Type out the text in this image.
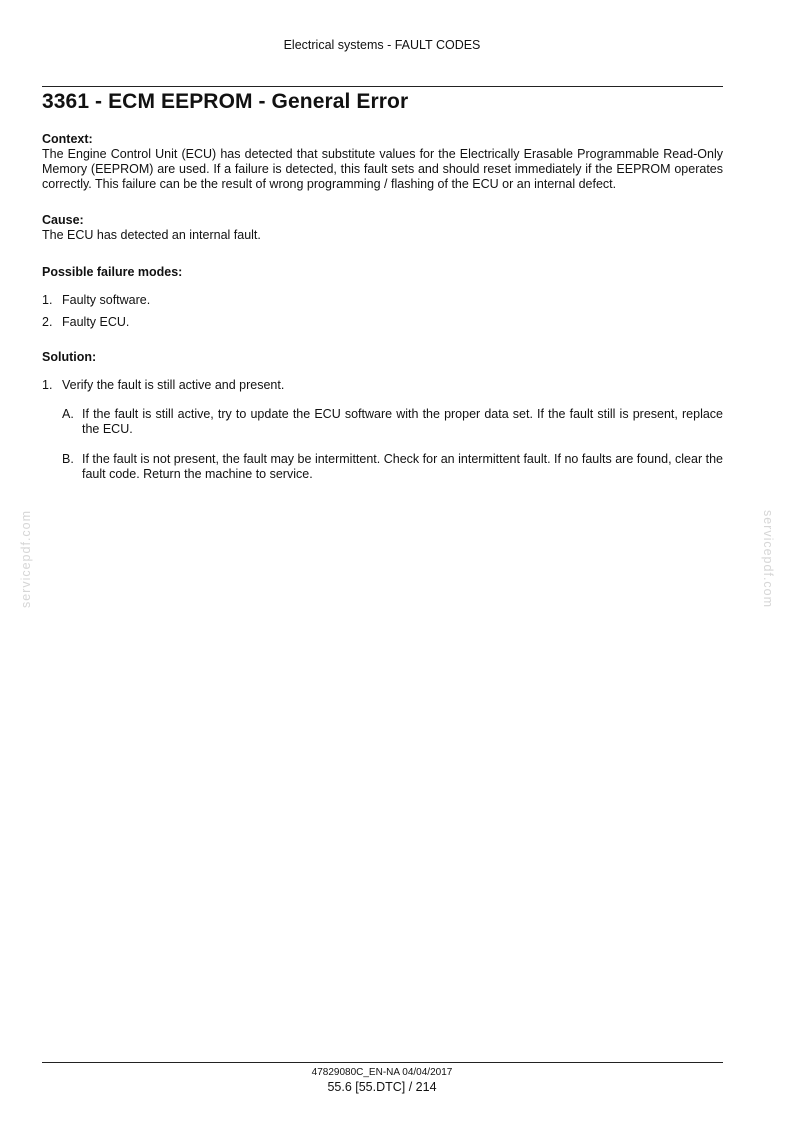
Electrical systems - FAULT CODES
3361 - ECM EEPROM - General Error
Context:
The Engine Control Unit (ECU) has detected that substitute values for the Electrically Erasable Programmable Read-Only Memory (EEPROM) are used. If a failure is detected, this fault sets and should reset immediately if the EEPROM operates correctly. This failure can be the result of wrong programming / flashing of the ECU or an internal defect.
Cause:
The ECU has detected an internal fault.
Possible failure modes:
1. Faulty software.
2. Faulty ECU.
Solution:
1. Verify the fault is still active and present.
A. If the fault is still active, try to update the ECU software with the proper data set. If the fault still is present, replace the ECU.
B. If the fault is not present, the fault may be intermittent. Check for an intermittent fault. If no faults are found, clear the fault code. Return the machine to service.
servicepdf.com	servicepdf.com
47829080C_EN-NA 04/04/2017
55.6 [55.DTC] / 214
